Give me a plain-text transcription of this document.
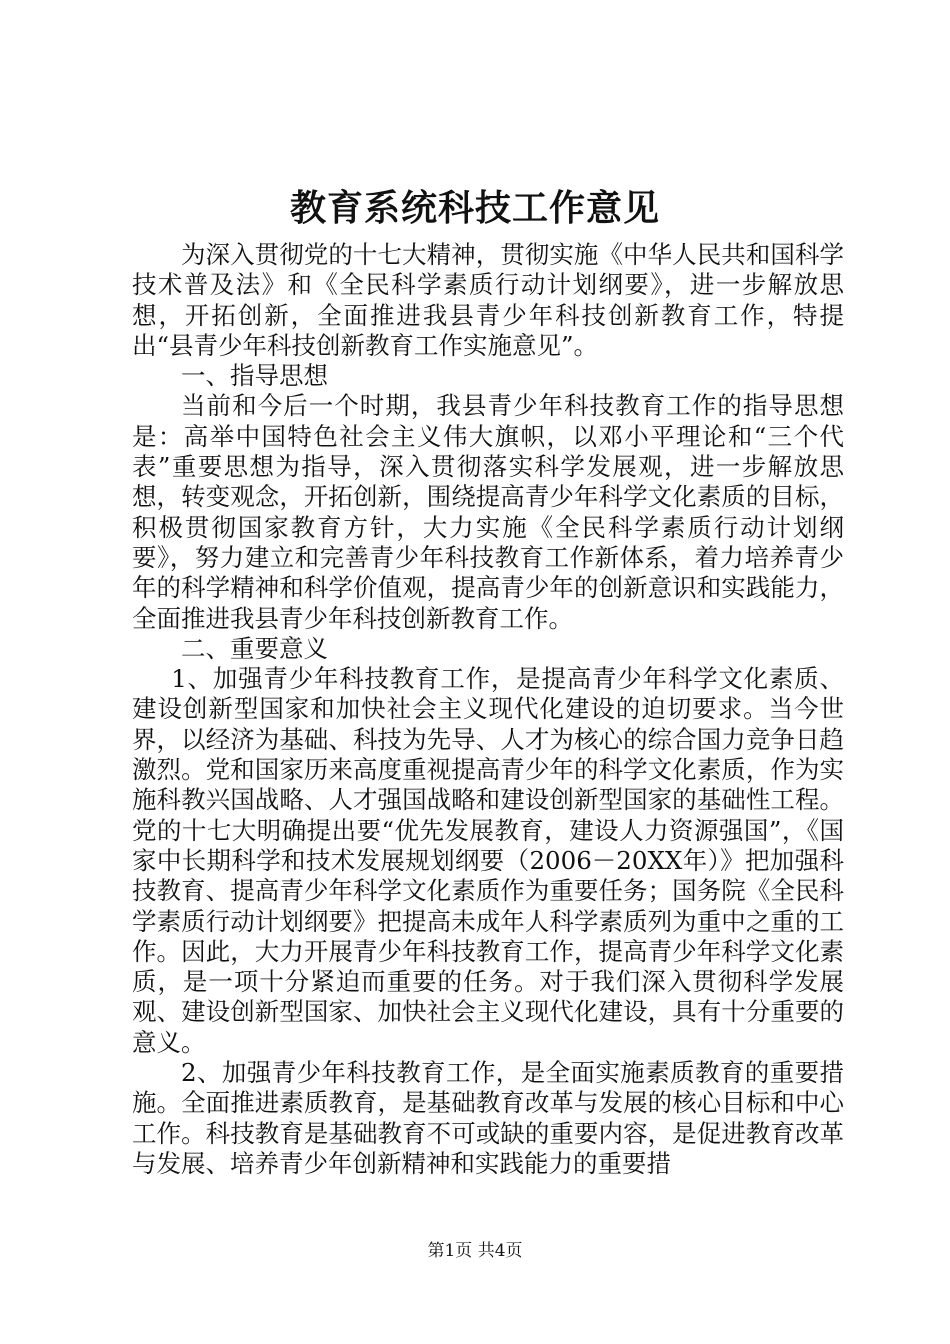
教育系统科技工作意见

为深入贯彻党的十七大精神，贯彻实施《中华人民共和国科学技术普及法》和《全民科学素质行动计划纲要》，进一步解放思想，开拓创新，全面推进我县青少年科技创新教育工作，特提出“县青少年科技创新教育工作实施意见”。

一、指导思想

当前和今后一个时期，我县青少年科技教育工作的指导思想是：高举中国特色社会主义伟大旗帜，以邓小平理论和“三个代表”重要思想为指导，深入贯彻落实科学发展观，进一步解放思想，转变观念，开拓创新，围绕提高青少年科学文化素质的目标，积极贯彻国家教育方针，大力实施《全民科学素质行动计划纲要》，努力建立和完善青少年科技教育工作新体系，着力培养青少年的科学精神和科学价值观，提高青少年的创新意识和实践能力，全面推进我县青少年科技创新教育工作。

二、重要意义

1、加强青少年科技教育工作，是提高青少年科学文化素质、建设创新型国家和加快社会主义现代化建设的迫切要求。当今世界，以经济为基础、科技为先导、人才为核心的综合国力竞争日趋激烈。党和国家历来高度重视提高青少年的科学文化素质，作为实施科教兴国战略、人才强国战略和建设创新型国家的基础性工程。党的十七大明确提出要“优先发展教育，建设人力资源强国”，《国家中长期科学和技术发展规划纲要（2006－20XX年）》把加强科技教育、提高青少年科学文化素质作为重要任务；国务院《全民科学素质行动计划纲要》把提高未成年人科学素质列为重中之重的工作。因此，大力开展青少年科技教育工作，提高青少年科学文化素质，是一项十分紧迫而重要的任务。对于我们深入贯彻科学发展观、建设创新型国家、加快社会主义现代化建设，具有十分重要的意义。

2、加强青少年科技教育工作，是全面实施素质教育的重要措施。全面推进素质教育，是基础教育改革与发展的核心目标和中心工作。科技教育是基础教育不可或缺的重要内容，是促进教育改革与发展、培养青少年创新精神和实践能力的重要措

第1页 共4页
